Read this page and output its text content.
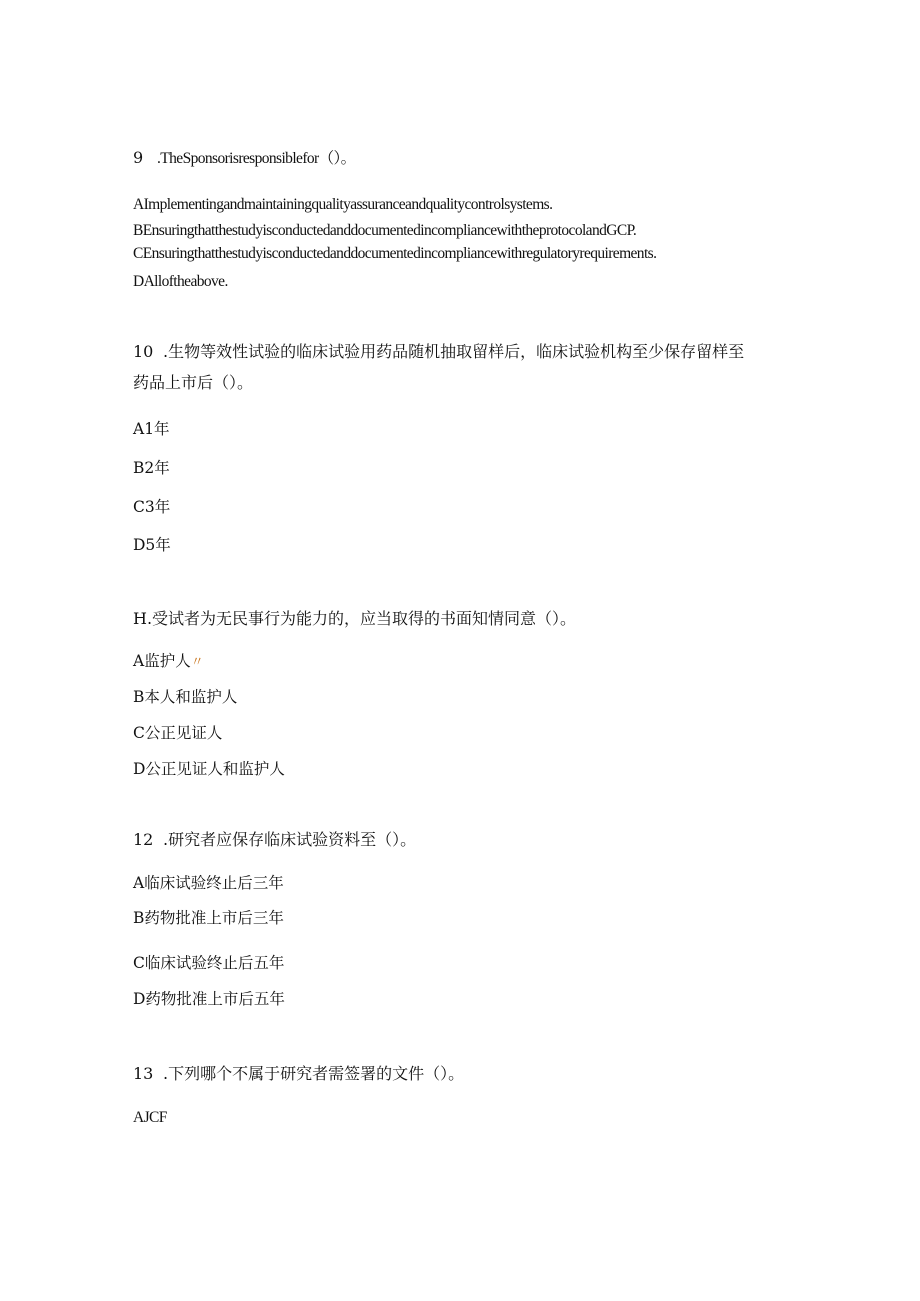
9 .TheSponsorisresponsiblefor（）。
AImplementingandmaintainingqualityassuranceandqualitycontrolsystems.
BEnsuringthatthestudyisconductedanddocumentedincompliancewiththeprotocolandGCP.
CEnsuringthatthestudyisconductedanddocumentedincompliancewithregulatoryrequirements.
DAlloftheabove.
10 .生物等效性试验的临床试验用药品随机抽取留样后，临床试验机构至少保存留样至
药品上市后（）。
A1年
B2年
C3年
D5年
H.受试者为无民事行为能力的，应当取得的书面知情同意（）。
A监护人〃
B本人和监护人
C公正见证人
D公正见证人和监护人
12 .研究者应保存临床试验资料至（）。
A临床试验终止后三年
B药物批准上市后三年
C临床试验终止后五年
D药物批准上市后五年
13 .下列哪个不属于研究者需签署的文件（）。
AJCF
